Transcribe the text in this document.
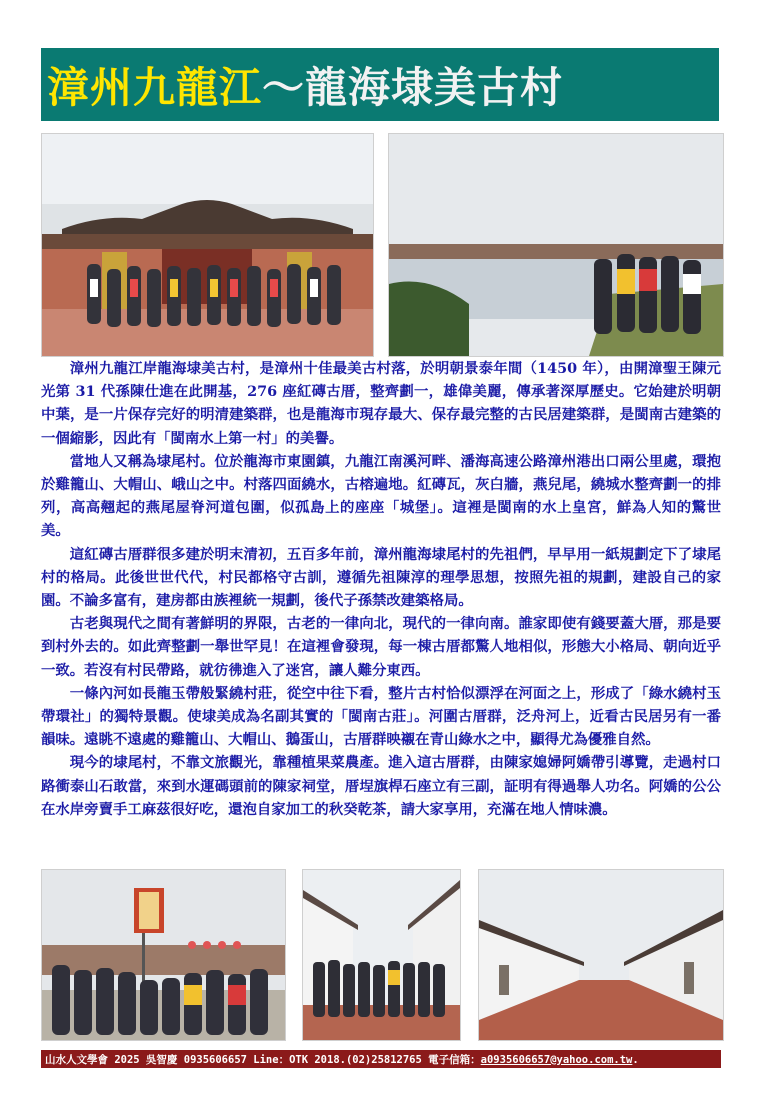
漳州九龍江 ～龍海埭美古村

漳州九龍江岸龍海埭美古村，是漳州十佳最美古村落，於明朝景泰年間（1450 年），由開漳聖王陳元光第 31 代孫陳仕進在此開基，276 座紅磚古厝，整齊劃一，雄偉美麗，傳承著深厚歷史。它始建於明朝中葉，是一片保存完好的明清建築群，也是龍海市現存最大、保存最完整的古民居建築群，是閩南古建築的一個縮影，因此有「閩南水上第一村」的美譽。

當地人又稱為埭尾村。位於龍海市東園鎮，九龍江南溪河畔、潘海高速公路漳州港出口兩公里處，環抱於雞籠山、大帽山、峨山之中。村落四面繞水，古榕遍地。紅磚瓦，灰白牆，燕兒尾，繞城水整齊劃一的排列，高高翹起的燕尾屋脊河道包圍，似孤島上的座座「城堡」。這裡是閩南的水上皇宮，鮮為人知的驚世美。

這紅磚古厝群很多建於明末清初，五百多年前，漳州龍海埭尾村的先祖們，早早用一紙規劃定下了埭尾村的格局。此後世世代代，村民都格守古訓，遵循先祖陳淳的理學思想，按照先祖的規劃，建設自己的家園。不論多富有，建房都由族裡統一規劃，後代子孫禁改建築格局。

古老與現代之間有著鮮明的界限，古老的一律向北，現代的一律向南。誰家即使有錢要蓋大厝，那是要到村外去的。如此齊整劃一舉世罕見！在這裡會發現，每一棟古厝都驚人地相似，形態大小格局、朝向近乎一致。若沒有村民帶路，就彷彿進入了迷宮，讓人難分東西。

一條內河如長龍玉帶般緊繞村莊，從空中往下看，整片古村恰似漂浮在河面之上，形成了「綠水繞村玉帶環社」的獨特景觀。使埭美成為名副其實的「閩南古莊」。河圍古厝群，泛舟河上，近看古民居另有一番韻味。遠眺不遠處的雞籠山、大帽山、鵝蛋山，古厝群映襯在青山綠水之中，顯得尤為優雅自然。

現今的埭尾村，不靠文旅觀光，靠種植果菜農產。進入這古厝群，由陳家媳婦阿嬌帶引導覽，走過村口路衝泰山石敢當，來到水運碼頭前的陳家祠堂，厝埕旗桿石座立有三副，証明有得過舉人功名。阿嬌的公公在水岸旁賣手工麻茲很好吃，還泡自家加工的秋癸乾茶，請大家享用，充滿在地人情味濃。

山水人文學會 2025 吳智慶 0935606657 Line：OTK 2018.(02)25812765 電子信箱：a0935606657@yahoo.com.tw.
